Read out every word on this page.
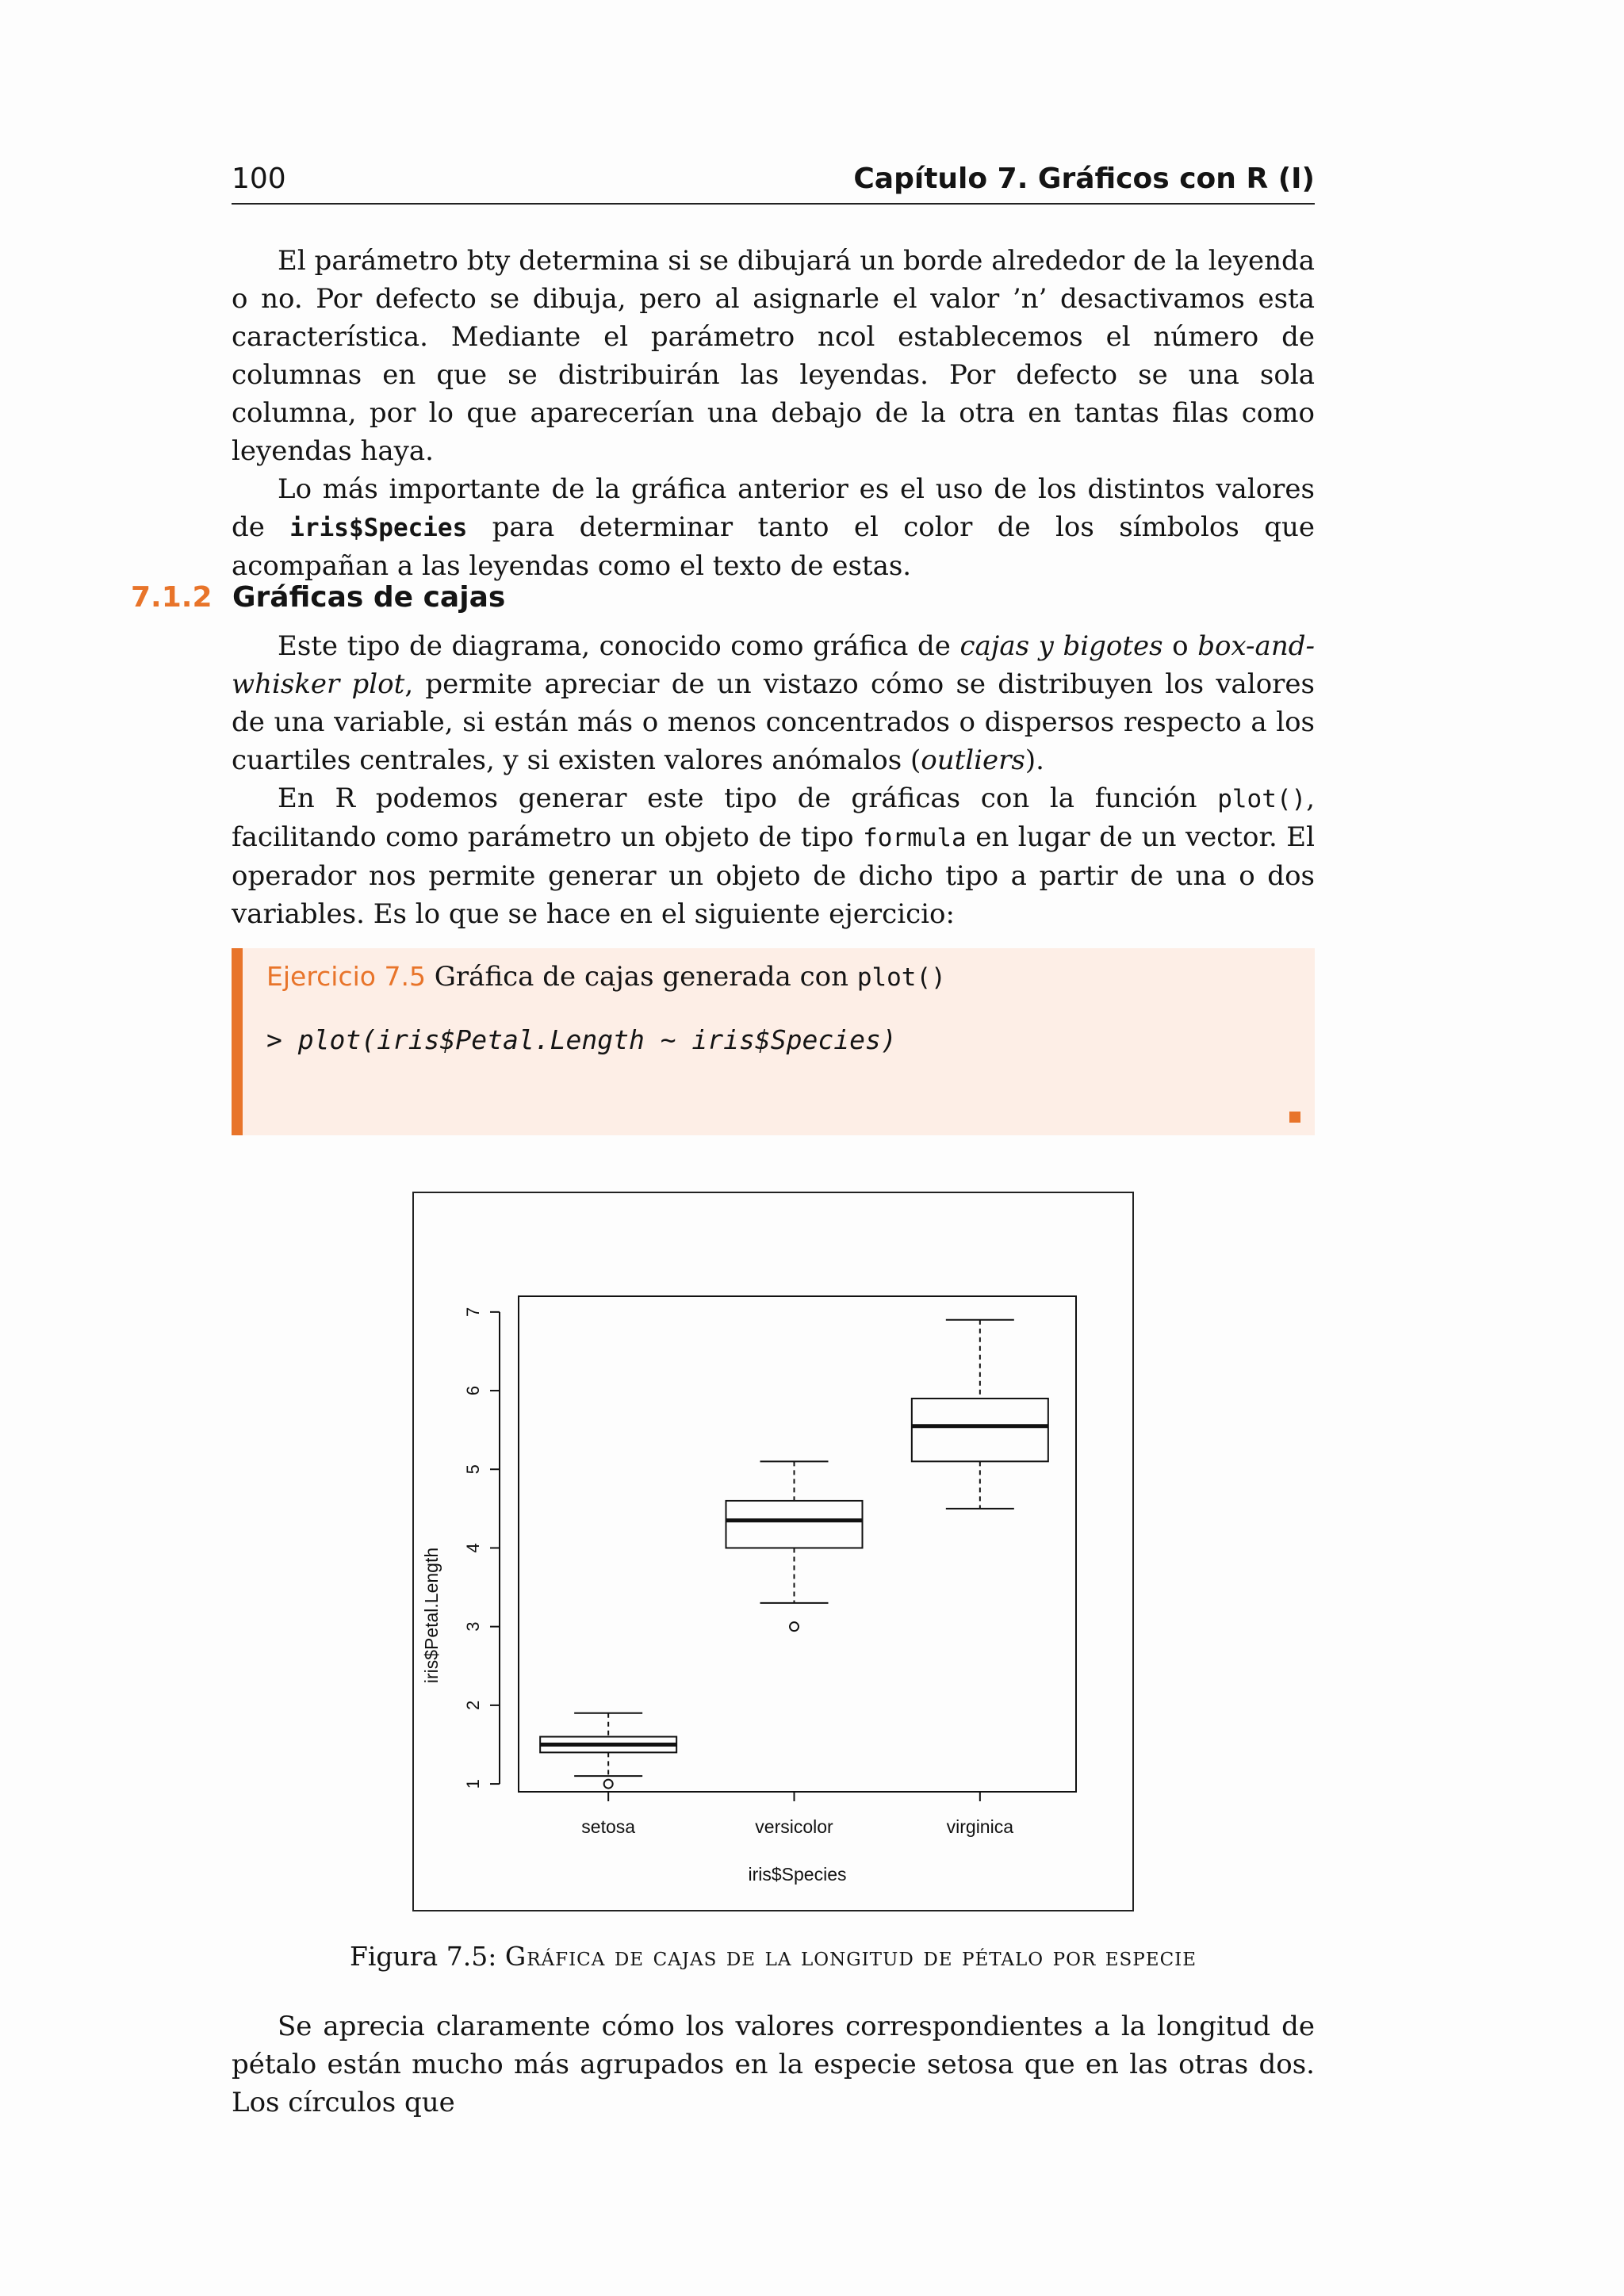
100	Capítulo 7. Gráficos con R (I)

El parámetro bty determina si se dibujará un borde alrededor de la leyenda o no. Por defecto se dibuja, pero al asignarle el valor ’n’ desactivamos esta característica. Mediante el parámetro ncol establecemos el número de columnas en que se distribuirán las leyendas. Por defecto se una sola columna, por lo que aparecerían una debajo de la otra en tantas filas como leyendas haya.

Lo más importante de la gráfica anterior es el uso de los distintos valores de iris$Species para determinar tanto el color de los símbolos que acompañan a las leyendas como el texto de estas.

7.1.2 Gráficas de cajas

Este tipo de diagrama, conocido como gráfica de cajas y bigotes o box-and-whisker plot, permite apreciar de un vistazo cómo se distribuyen los valores de una variable, si están más o menos concentrados o dispersos respecto a los cuartiles centrales, y si existen valores anómalos (outliers).

En R podemos generar este tipo de gráficas con la función plot(), facilitando como parámetro un objeto de tipo formula en lugar de un vector. El operador nos permite generar un objeto de dicho tipo a partir de una o dos variables. Es lo que se hace en el siguiente ejercicio:

Ejercicio 7.5 Gráfica de cajas generada con plot()
> plot(iris$Petal.Length ~ iris$Species)
1
2
3
4
5
6
7
setosa	versicolor	virginica
iris$Species
iris$Petal.Length
Figura 7.5: Gráfica de cajas de la longitud de pétalo por especie

Se aprecia claramente cómo los valores correspondientes a la longitud de pétalo están mucho más agrupados en la especie setosa que en las otras dos. Los círculos que
